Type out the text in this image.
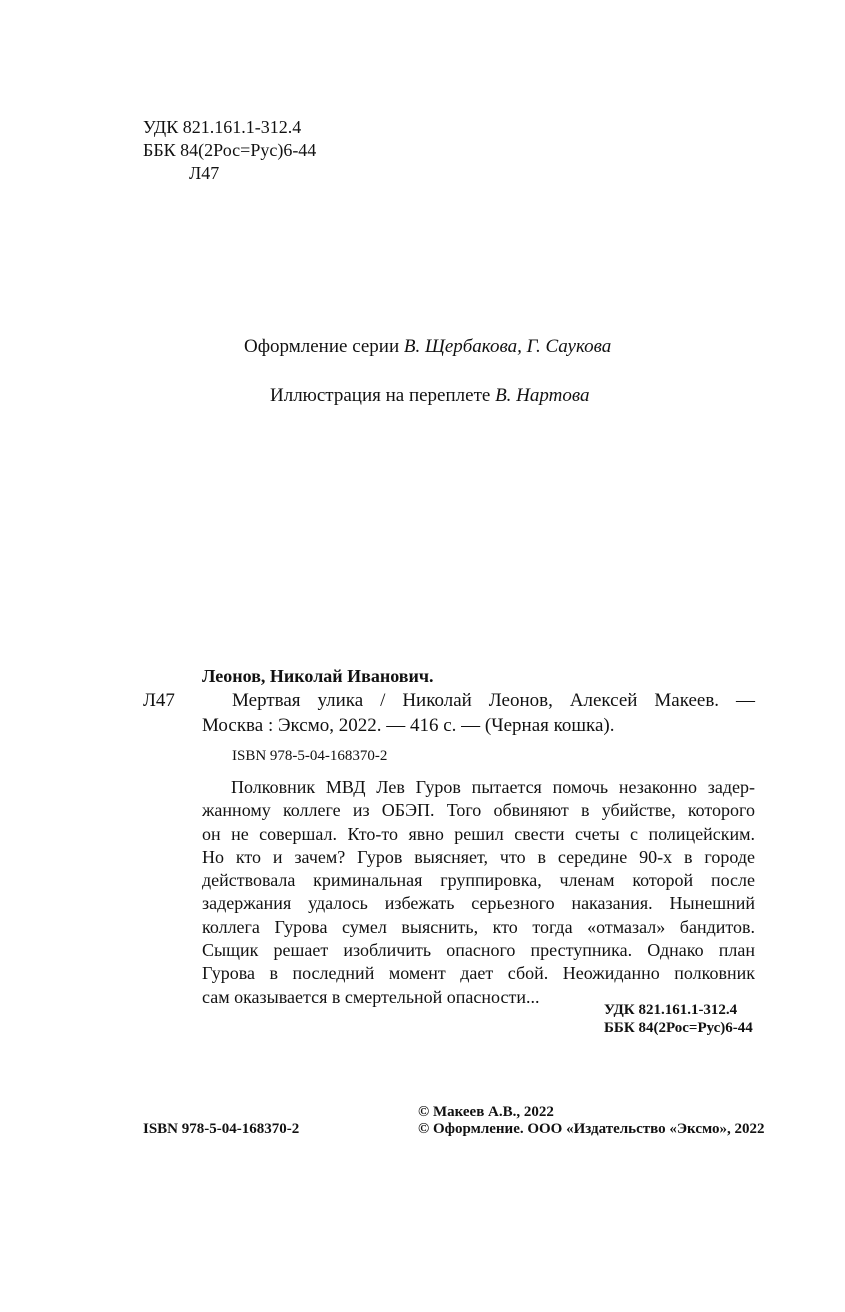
УДК 821.161.1-312.4
ББК 84(2Рос=Рус)6-44
Л47
Оформление серии В. Щербакова, Г. Саукова
Иллюстрация на переплете В. Нартова
Леонов, Николай Иванович.
Л47	Мертвая улика / Николай Леонов, Алексей Макеев. —
Москва : Эксмо, 2022. — 416 с. — (Черная кошка).
ISBN 978-5-04-168370-2
Полковник МВД Лев Гуров пытается помочь незаконно задер-
жанному коллеге из ОБЭП. Того обвиняют в убийстве, которого
он не совершал. Кто-то явно решил свести счеты с полицейским.
Но кто и зачем? Гуров выясняет, что в середине 90-х в городе
действовала криминальная группировка, членам которой после
задержания удалось избежать серьезного наказания. Нынешний
коллега Гурова сумел выяснить, кто тогда «отмазал» бандитов.
Сыщик решает изобличить опасного преступника. Однако план
Гурова в последний момент дает сбой. Неожиданно полковник
сам оказывается в смертельной опасности...
УДК 821.161.1-312.4
ББК 84(2Рос=Рус)6-44
ISBN 978-5-04-168370-2
© Макеев А.В., 2022
© Оформление. ООО «Издательство «Эксмо», 2022
